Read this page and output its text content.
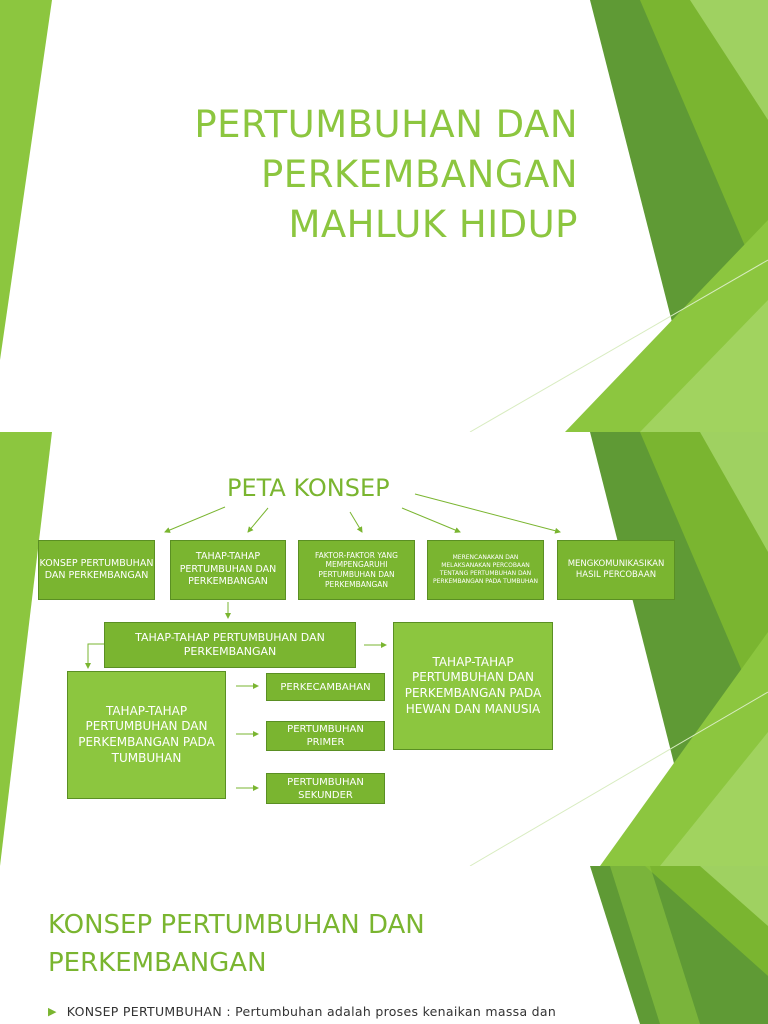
PERTUMBUHAN DAN
PERKEMBANGAN
MAHLUK HIDUP
PETA KONSEP
KONSEP PERTUMBUHAN DAN PERKEMBANGAN
TAHAP-TAHAP PERTUMBUHAN DAN PERKEMBANGAN
FAKTOR-FAKTOR YANG MEMPENGARUHI PERTUMBUHAN DAN PERKEMBANGAN
MERENCANAKAN DAN MELAKSANAKAN PERCOBAAN TENTANG PERTUMBUHAN DAN PERKEMBANGAN PADA TUMBUHAN
MENGKOMUNIKASIKAN HASIL PERCOBAAN
TAHAP-TAHAP PERTUMBUHAN DAN PERKEMBANGAN
TAHAP-TAHAP PERTUMBUHAN DAN PERKEMBANGAN PADA HEWAN DAN MANUSIA
TAHAP-TAHAP PERTUMBUHAN DAN PERKEMBANGAN PADA TUMBUHAN
PERKECAMBAHAN
PERTUMBUHAN PRIMER
PERTUMBUHAN SEKUNDER
KONSEP PERTUMBUHAN DAN PERKEMBANGAN
▶ KONSEP PERTUMBUHAN : Pertumbuhan adalah proses kenaikan massa dan
